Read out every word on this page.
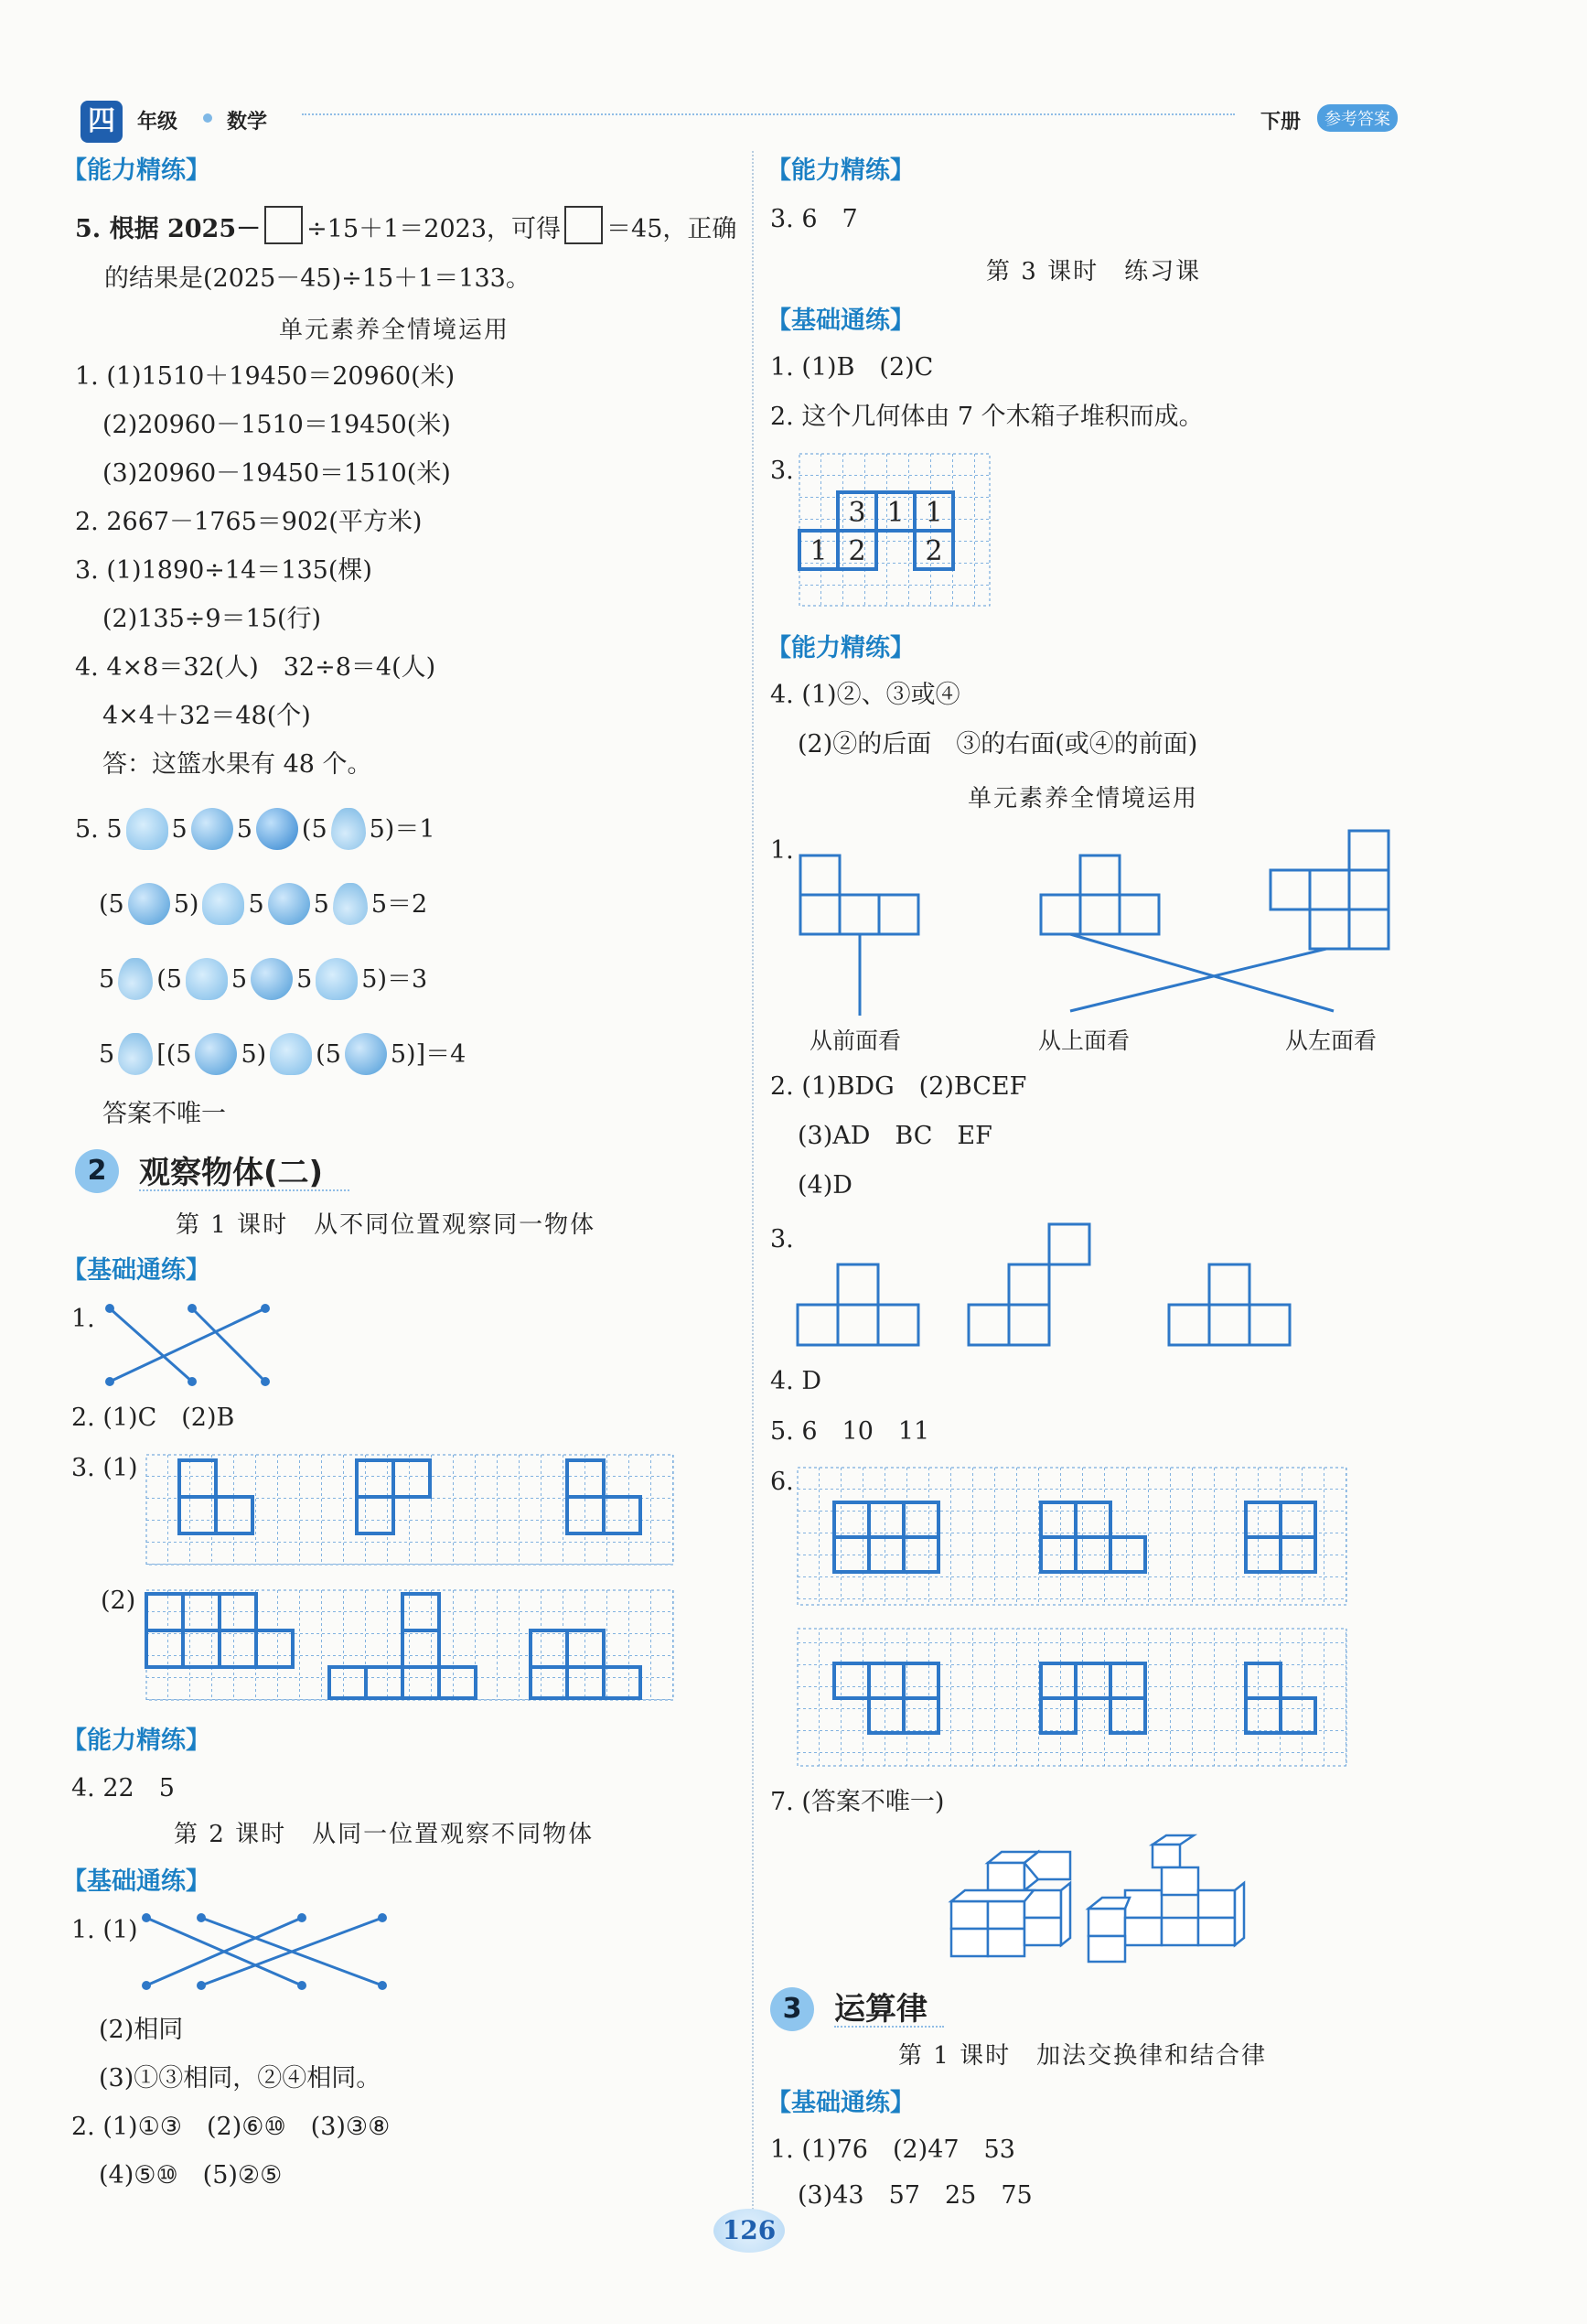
四	年级 数学	下册	参考答案
【能力精练】
5. 根据 2025－ ÷15＋1＝2023，可得 ＝45，正确
的结果是(2025－45)÷15＋1＝133。
单元素养全情境运用
1. (1)1510＋19450＝20960(米)
(2)20960－1510＝19450(米)
(3)20960－19450＝1510(米)
2. 2667－1765＝902(平方米)
3. (1)1890÷14＝135(棵)
(2)135÷9＝15(行)
4. 4×8＝32(人)　32÷8＝4(人)
4×4＋32＝48(个)
答：这篮水果有 48 个。
5. 5 5 5 (5 5)＝1
(5 5) 5 5 5＝2
5 (5 5 5 5)＝3
5 [(5 5) (5 5)]＝4
答案不唯一
2	观察物体(二)
第 1 课时　从不同位置观察同一物体
【基础通练】
1.
2. (1)C　(2)B
3. (1)
(2)
【能力精练】
4. 22　5
第 2 课时　从同一位置观察不同物体
【基础通练】
1. (1)
(2)相同
(3)①③相同，②④相同。
2. (1)①③　(2)⑥⑩　(3)③⑧
(4)⑤⑩　(5)②⑤
【能力精练】
3. 6　7
第 3 课时　练习课
【基础通练】
1. (1)B　(2)C
2. 这个几何体由 7 个木箱子堆积而成。
3.
3 1 1
1 2 2
【能力精练】
4. (1)②、③或④
(2)②的后面　③的右面(或④的前面)
单元素养全情境运用
1.
从前面看	从上面看	从左面看
2. (1)BDG　(2)BCEF
(3)AD　BC　EF
(4)D
3.
4. D
5. 6　10　11
6.
7. (答案不唯一)
3	运算律
第 1 课时　加法交换律和结合律
【基础通练】
1. (1)76　(2)47　53
(3)43　57　25　75
126
